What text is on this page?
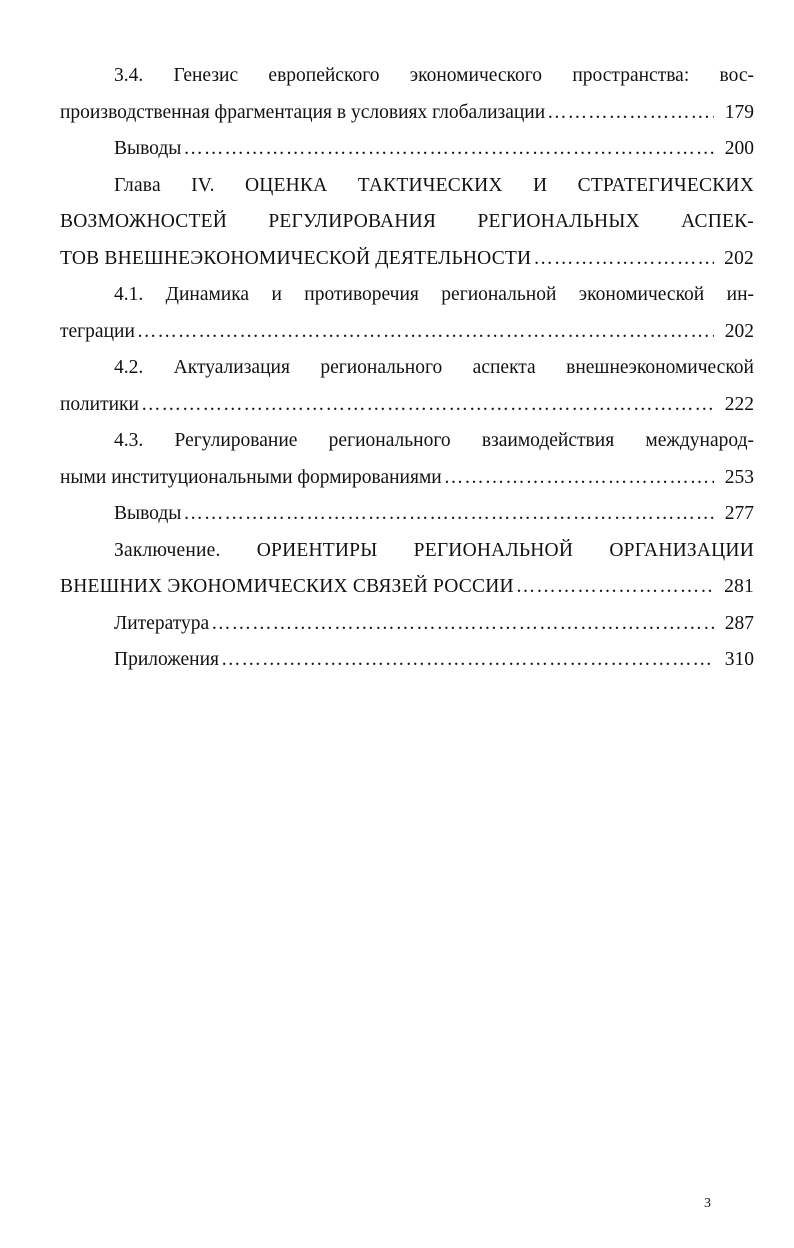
3.4. Генезис европейского экономического пространства: вос-
производственная фрагментация в условиях глобализации ………………………………………………………………………………………………………………………………………………………………………………	179
Выводы ………………………………………………………………………………………………………………………………………………………………………………	200
Глава IV. ОЦЕНКА ТАКТИЧЕСКИХ И СТРАТЕГИЧЕСКИХ
ВОЗМОЖНОСТЕЙ РЕГУЛИРОВАНИЯ РЕГИОНАЛЬНЫХ АСПЕК-
ТОВ ВНЕШНЕЭКОНОМИЧЕСКОЙ ДЕЯТЕЛЬНОСТИ ………………………………………………………………………………………………………………………………………………………………………………	202
4.1. Динамика и противоречия региональной экономической ин-
теграции ………………………………………………………………………………………………………………………………………………………………………………	202
4.2. Актуализация регионального аспекта внешнеэкономической
политики ………………………………………………………………………………………………………………………………………………………………………………	222
4.3. Регулирование регионального взаимодействия международ-
ными институциональными формированиями ………………………………………………………………………………………………………………………………………………………………………………	253
Выводы ………………………………………………………………………………………………………………………………………………………………………………	277
Заключение. ОРИЕНТИРЫ РЕГИОНАЛЬНОЙ ОРГАНИЗАЦИИ
ВНЕШНИХ ЭКОНОМИЧЕСКИХ СВЯЗЕЙ РОССИИ ………………………………………………………………………………………………………………………………………………………………………………	281
Литература ………………………………………………………………………………………………………………………………………………………………………………	287
Приложения ………………………………………………………………………………………………………………………………………………………………………………	310
3
